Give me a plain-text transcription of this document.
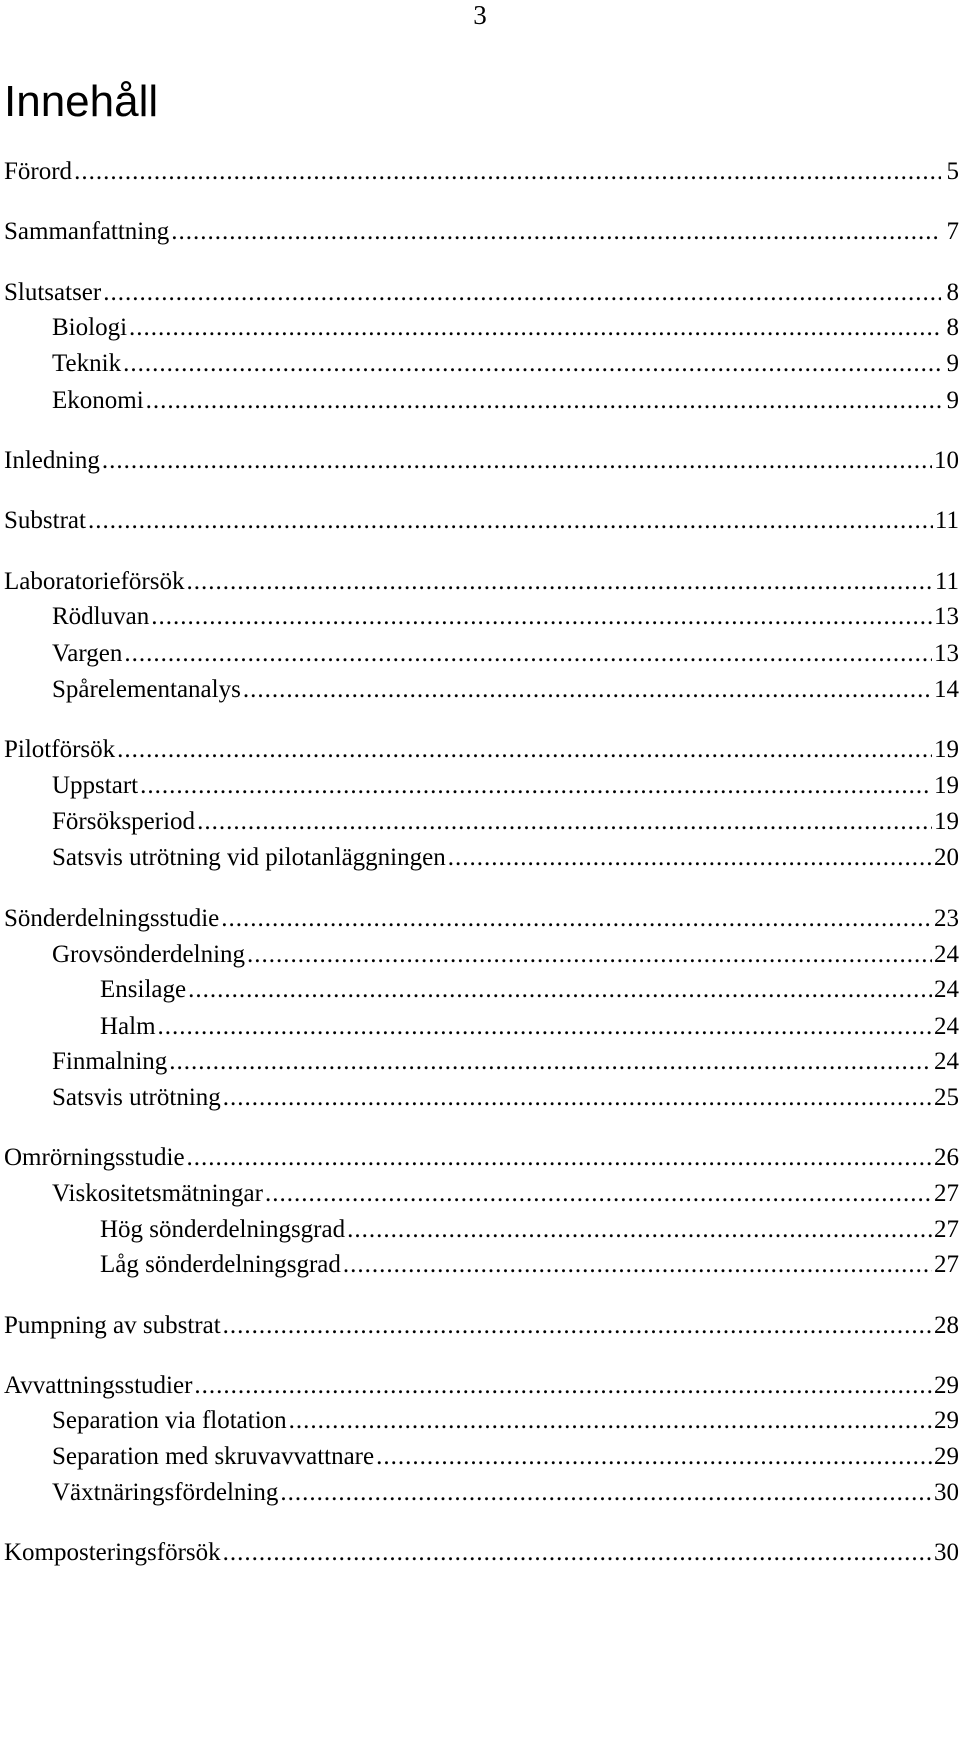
3
Innehåll
Förord .....	5
Sammanfattning .....	7
Slutsatser .....	8
Biologi .....	8
Teknik .....	9
Ekonomi .....	9
Inledning .....	10
Substrat .....	11
Laboratorieförsök .....	11
Rödluvan .....	13
Vargen .....	13
Spårelementanalys .....	14
Pilotförsök .....	19
Uppstart .....	19
Försöksperiod .....	19
Satsvis utrötning vid pilotanläggningen .....	20
Sönderdelningsstudie .....	23
Grovsönderdelning .....	24
Ensilage .....	24
Halm .....	24
Finmalning .....	24
Satsvis utrötning .....	25
Omrörningsstudie .....	26
Viskositetsmätningar .....	27
Hög sönderdelningsgrad .....	27
Låg sönderdelningsgrad .....	27
Pumpning av substrat .....	28
Avvattningsstudier .....	29
Separation via flotation .....	29
Separation med skruvavvattnare .....	29
Växtnäringsfördelning .....	30
Komposteringsförsök .....	30
